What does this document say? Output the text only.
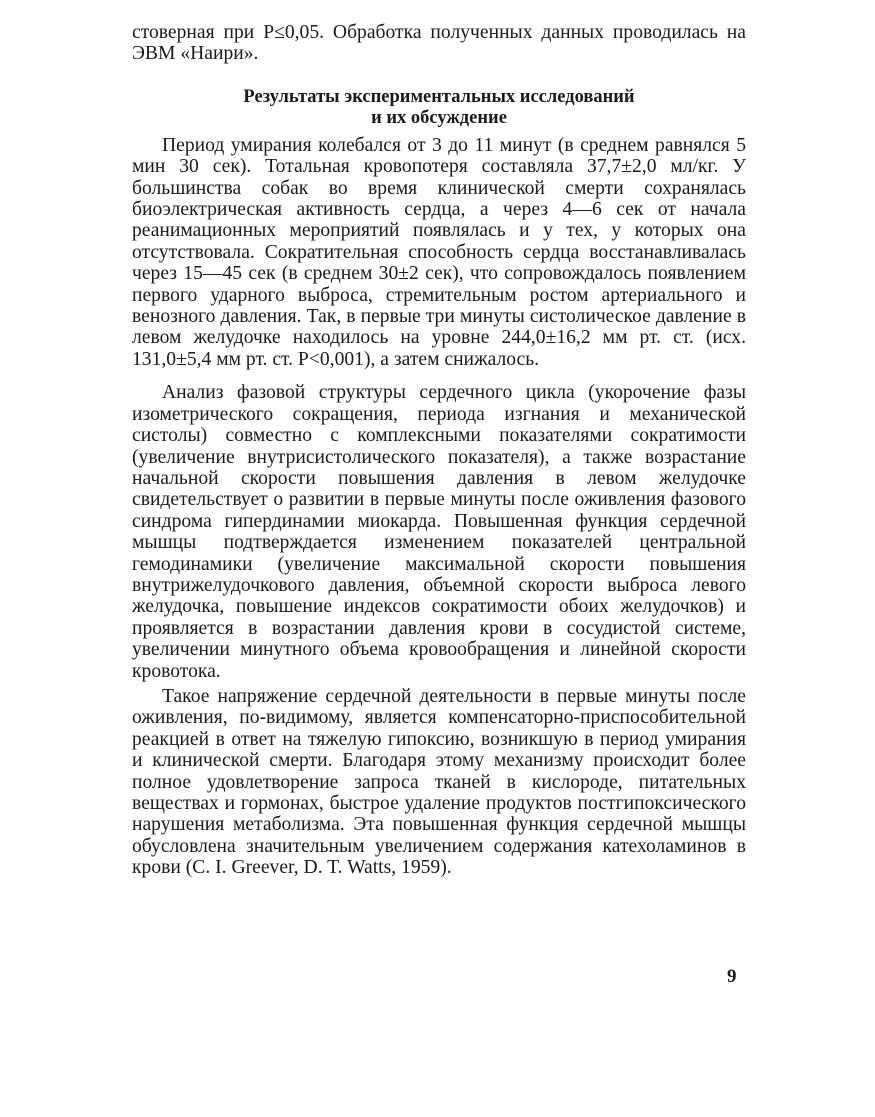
стоверная при Р≤0,05. Обработка полученных данных проводилась на ЭВМ «Наири».

Результаты экспериментальных исследований
и их обсуждение

Период умирания колебался от 3 до 11 минут (в среднем равнялся 5 мин 30 сек). Тотальная кровопотеря составляла 37,7±2,0 мл/кг. У большинства собак во время клинической смерти сохранялась биоэлектрическая активность сердца, а через 4—6 сек от начала реанимационных мероприятий появлялась и у тех, у которых она отсутствовала. Сократительная способность сердца восстанавливалась через 15—45 сек (в среднем 30±2 сек), что сопровождалось появлением первого ударного выброса, стремительным ростом артериального и венозного давления. Так, в первые три минуты систолическое давление в левом желудочке находилось на уровне 244,0±16,2 мм рт. ст. (исх. 131,0±5,4 мм рт. ст. Р<0,001), а затем снижалось.

Анализ фазовой структуры сердечного цикла (укорочение фазы изометрического сокращения, периода изгнания и механической систолы) совместно с комплексными показателями сократимости (увеличение внутрисистолического показателя), а также возрастание начальной скорости повышения давления в левом желудочке свидетельствует о развитии в первые минуты после оживления фазового синдрома гипердинамии миокарда. Повышенная функция сердечной мышцы подтверждается изменением показателей центральной гемодинамики (увеличение максимальной скорости повышения внутрижелудочкового давления, объемной скорости выброса левого желудочка, повышение индексов сократимости обоих желудочков) и проявляется в возрастании давления крови в сосудистой системе, увеличении минутного объема кровообращения и линейной скорости кровотока.

Такое напряжение сердечной деятельности в первые минуты после оживления, по-видимому, является компенсаторно-приспособительной реакцией в ответ на тяжелую гипоксию, возникшую в период умирания и клинической смерти. Благодаря этому механизму происходит более полное удовлетворение запроса тканей в кислороде, питательных веществах и гормонах, быстрое удаление продуктов постгипоксического нарушения метаболизма. Эта повышенная функция сердечной мышцы обусловлена значительным увеличением содержания катехоламинов в крови (С. I. Greever, D. T. Watts, 1959).

9
